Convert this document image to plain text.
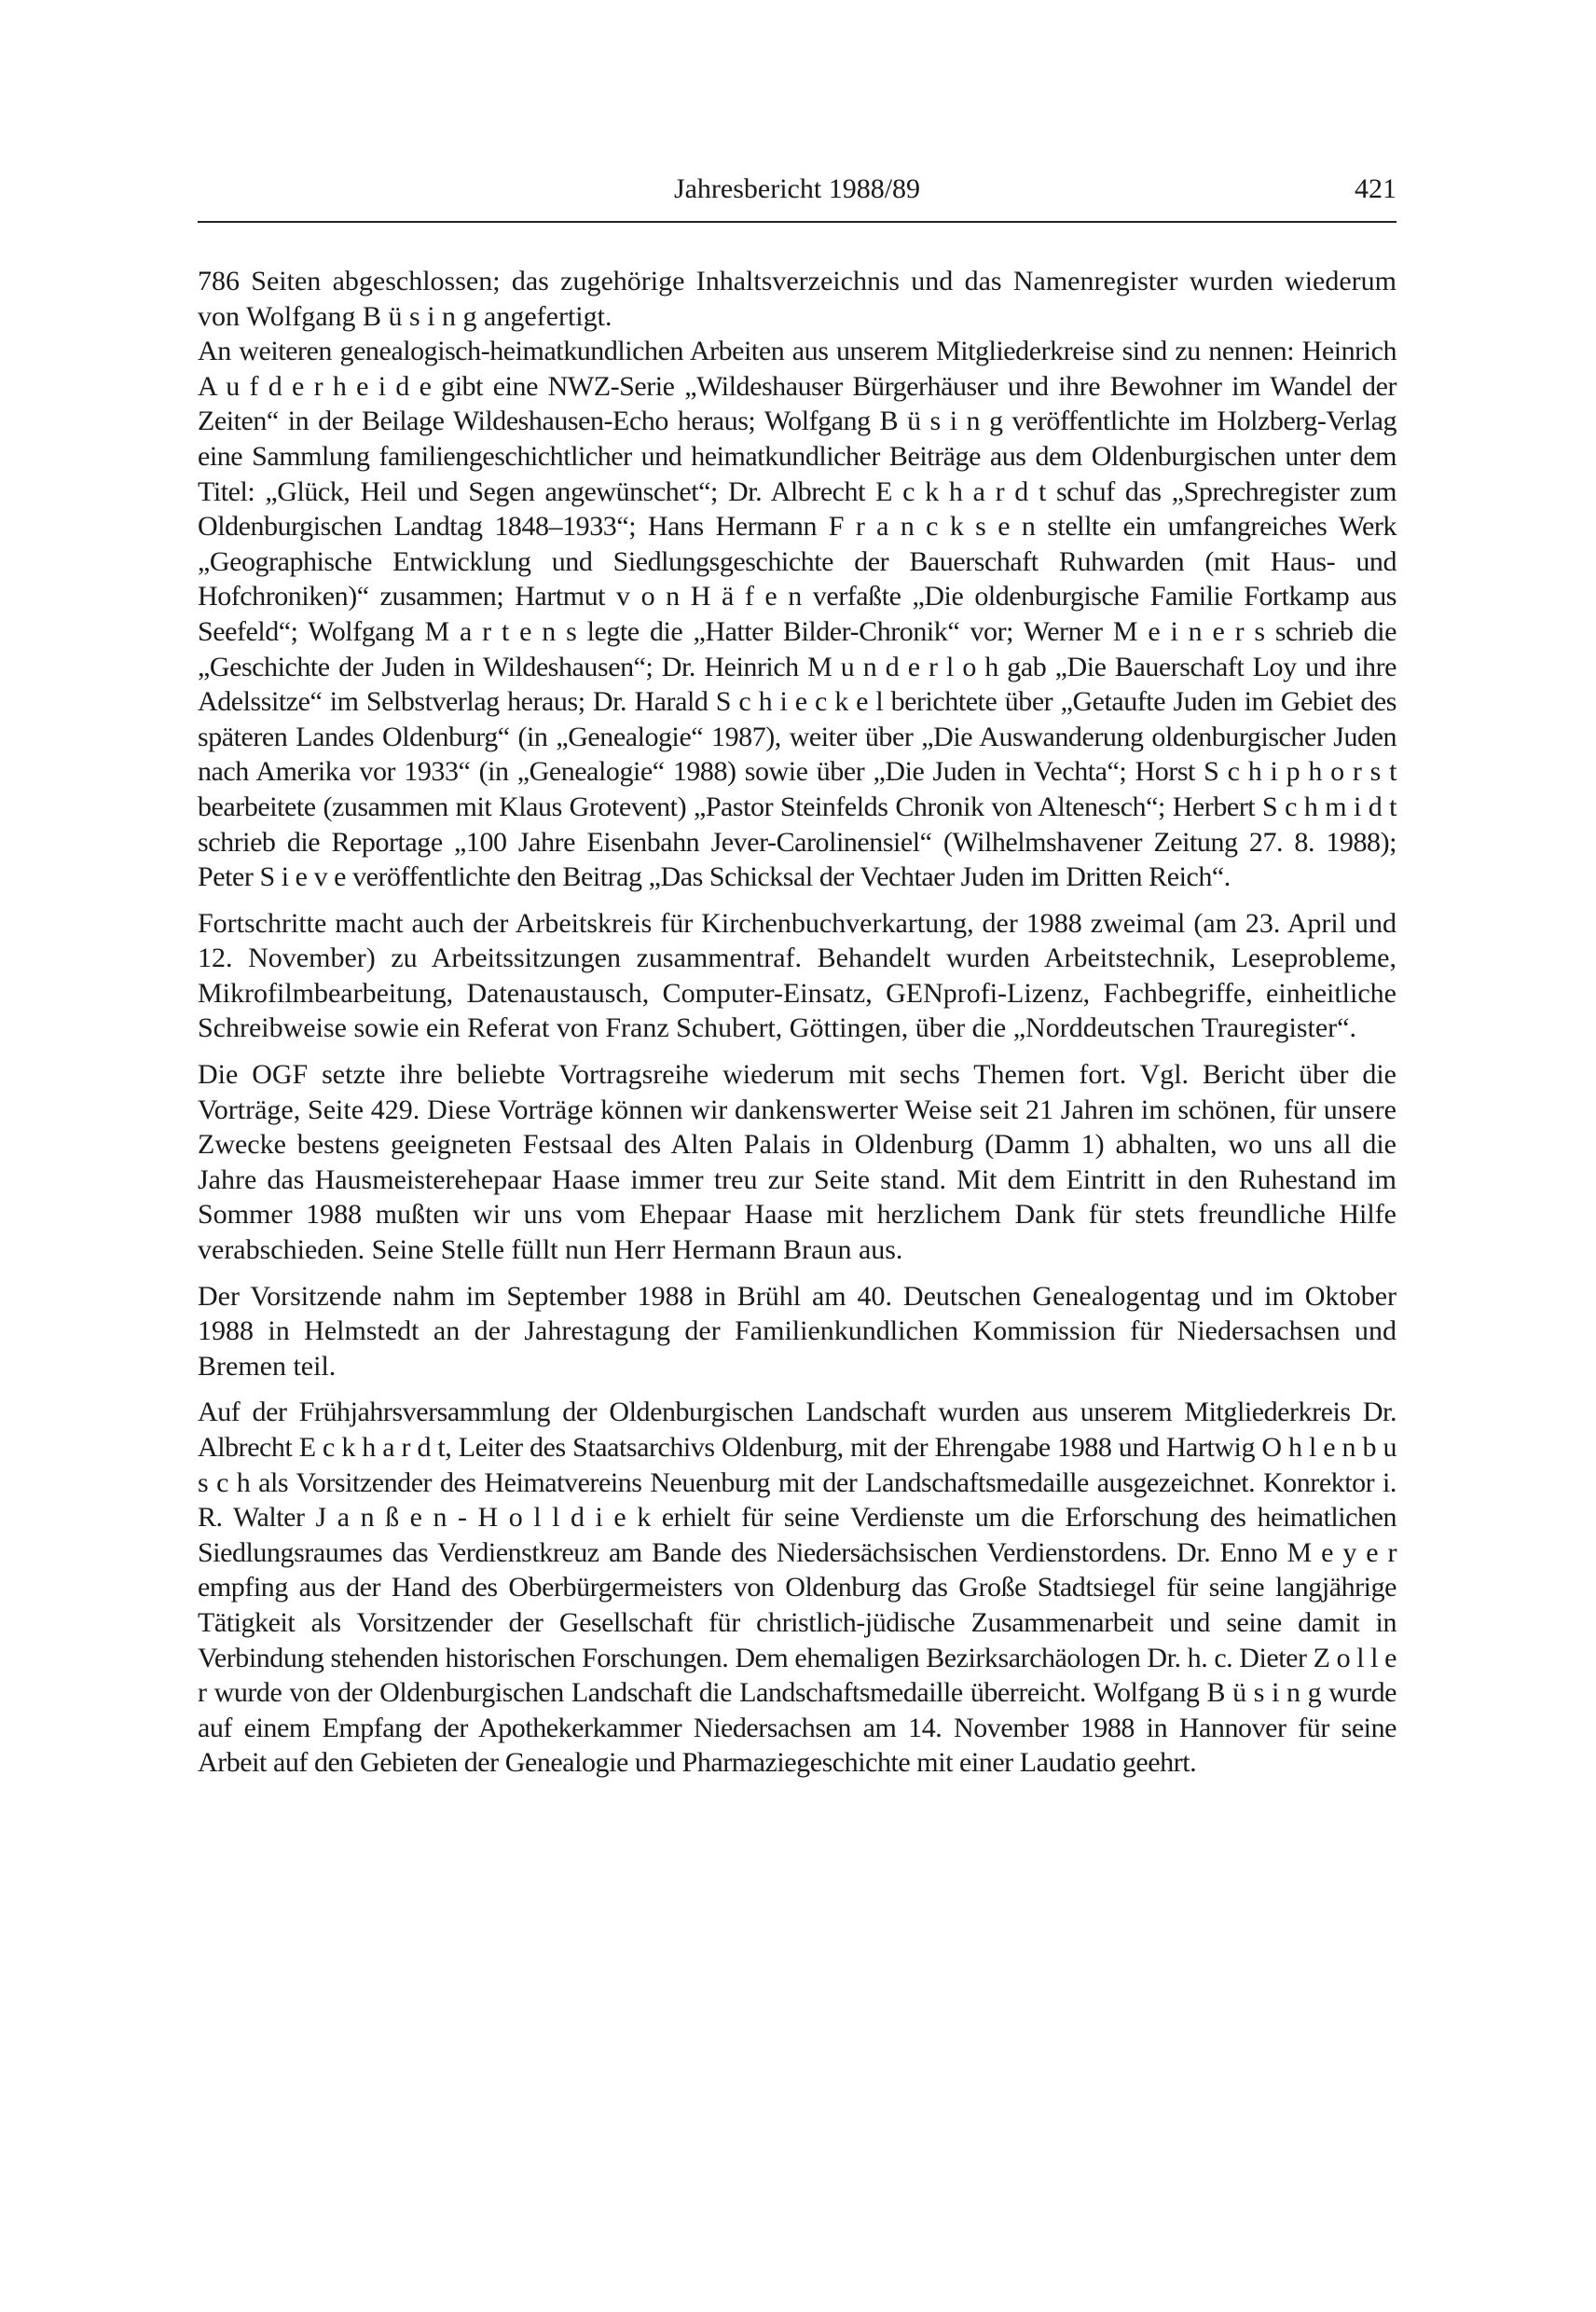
Jahresbericht 1988/89	421

786 Seiten abgeschlossen; das zugehörige Inhaltsverzeichnis und das Namenregister wurden wiederum von Wolfgang B ü s i n g angefertigt.

An weiteren genealogisch-heimatkundlichen Arbeiten aus unserem Mitgliederkreise sind zu nennen: Heinrich A u f d e r h e i d e gibt eine NWZ-Serie „Wildeshauser Bürgerhäuser und ihre Bewohner im Wandel der Zeiten“ in der Beilage Wildeshausen-Echo heraus; Wolfgang B ü s i n g veröffentlichte im Holzberg-Verlag eine Sammlung familiengeschichtlicher und heimatkundlicher Beiträge aus dem Oldenburgischen unter dem Titel: „Glück, Heil und Segen angewünschet“; Dr. Albrecht E c k h a r d t schuf das „Sprechregister zum Oldenburgischen Landtag 1848–1933“; Hans Hermann F r a n c k s e n stellte ein umfangreiches Werk „Geographische Entwicklung und Siedlungsgeschichte der Bauerschaft Ruhwarden (mit Haus- und Hofchroniken)“ zusammen; Hartmut v o n H ä f e n verfaßte „Die oldenburgische Familie Fortkamp aus Seefeld“; Wolfgang M a r t e n s legte die „Hatter Bilder-Chronik“ vor; Werner M e i n e r s schrieb die „Geschichte der Juden in Wildeshausen“; Dr. Heinrich M u n d e r l o h gab „Die Bauerschaft Loy und ihre Adelssitze“ im Selbstverlag heraus; Dr. Harald S c h i e c k e l berichtete über „Getaufte Juden im Gebiet des späteren Landes Oldenburg“ (in „Genealogie“ 1987), weiter über „Die Auswanderung oldenburgischer Juden nach Amerika vor 1933“ (in „Genealogie“ 1988) sowie über „Die Juden in Vechta“; Horst S c h i p h o r s t bearbeitete (zusammen mit Klaus Grotevent) „Pastor Steinfelds Chronik von Altenesch“; Herbert S c h m i d t schrieb die Reportage „100 Jahre Eisenbahn Jever-Carolinensiel“ (Wilhelmshavener Zeitung 27. 8. 1988); Peter S i e v e veröffentlichte den Beitrag „Das Schicksal der Vechtaer Juden im Dritten Reich“.

Fortschritte macht auch der Arbeitskreis für Kirchenbuchverkartung, der 1988 zweimal (am 23. April und 12. November) zu Arbeitssitzungen zusammentraf. Behandelt wurden Arbeitstechnik, Leseprobleme, Mikrofilmbearbeitung, Datenaustausch, Computer-Einsatz, GENprofi-Lizenz, Fachbegriffe, einheitliche Schreibweise sowie ein Referat von Franz Schubert, Göttingen, über die „Norddeutschen Trauregister“.

Die OGF setzte ihre beliebte Vortragsreihe wiederum mit sechs Themen fort. Vgl. Bericht über die Vorträge, Seite 429. Diese Vorträge können wir dankenswerter Weise seit 21 Jahren im schönen, für unsere Zwecke bestens geeigneten Festsaal des Alten Palais in Oldenburg (Damm 1) abhalten, wo uns all die Jahre das Hausmeisterehepaar Haase immer treu zur Seite stand. Mit dem Eintritt in den Ruhestand im Sommer 1988 mußten wir uns vom Ehepaar Haase mit herzlichem Dank für stets freundliche Hilfe verabschieden. Seine Stelle füllt nun Herr Hermann Braun aus.

Der Vorsitzende nahm im September 1988 in Brühl am 40. Deutschen Genealogentag und im Oktober 1988 in Helmstedt an der Jahrestagung der Familienkundlichen Kommission für Niedersachsen und Bremen teil.

Auf der Frühjahrsversammlung der Oldenburgischen Landschaft wurden aus unserem Mitgliederkreis Dr. Albrecht E c k h a r d t, Leiter des Staatsarchivs Oldenburg, mit der Ehrengabe 1988 und Hartwig O h l e n b u s c h als Vorsitzender des Heimatvereins Neuenburg mit der Landschaftsmedaille ausgezeichnet. Konrektor i. R. Walter J a n ß e n - H o l l d i e k erhielt für seine Verdienste um die Erforschung des heimatlichen Siedlungsraumes das Verdienstkreuz am Bande des Niedersächsischen Verdienstordens. Dr. Enno M e y e r empfing aus der Hand des Oberbürgermeisters von Oldenburg das Große Stadtsiegel für seine langjährige Tätigkeit als Vorsitzender der Gesellschaft für christlich-jüdische Zusammenarbeit und seine damit in Verbindung stehenden historischen Forschungen. Dem ehemaligen Bezirksarchäologen Dr. h. c. Dieter Z o l l e r wurde von der Oldenburgischen Landschaft die Landschaftsmedaille überreicht. Wolfgang B ü s i n g wurde auf einem Empfang der Apothekerkammer Niedersachsen am 14. November 1988 in Hannover für seine Arbeit auf den Gebieten der Genealogie und Pharmaziegeschichte mit einer Laudatio geehrt.
